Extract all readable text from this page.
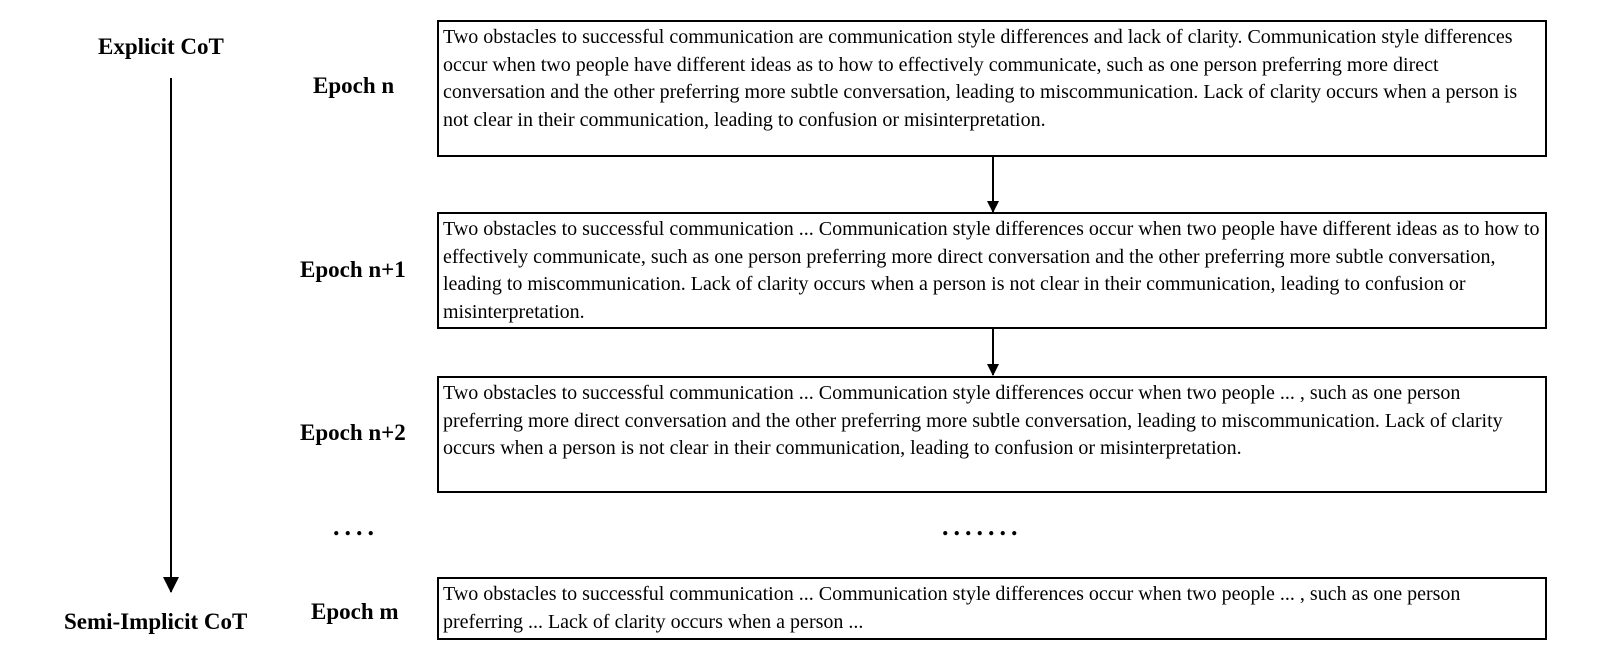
Explicit CoT
Semi-Implicit CoT
Epoch n
Epoch n+1
Epoch n+2
Epoch m
Two obstacles to successful communication are communication style differences and lack of clarity. Communication style differences occur when two people have different ideas as to how to effectively communicate, such as one person preferring more direct conversation and the other preferring more subtle conversation, leading to miscommunication. Lack of clarity occurs when a person is not clear in their communication, leading to confusion or misinterpretation.
Two obstacles to successful communication ... Communication style differences occur when two people have different ideas as to how to effectively communicate, such as one person preferring more direct conversation and the other preferring more subtle conversation, leading to miscommunication. Lack of clarity occurs when a person is not clear in their communication, leading to confusion or misinterpretation.
Two obstacles to successful communication ... Communication style differences occur when two people ... , such as one person preferring more direct conversation and the other preferring more subtle conversation, leading to miscommunication. Lack of clarity occurs when a person is not clear in their communication, leading to confusion or misinterpretation.
Two obstacles to successful communication ... Communication style differences occur when two people ... , such as one person preferring ... Lack of clarity occurs when a person ...
....	.......
